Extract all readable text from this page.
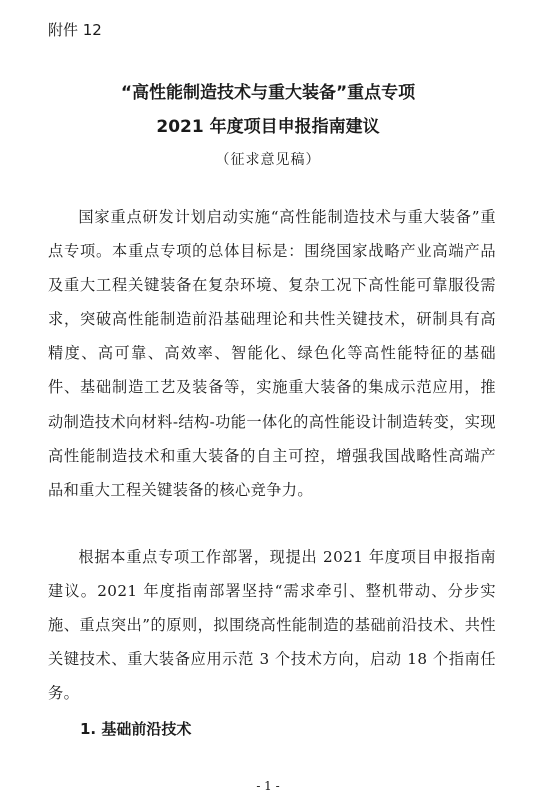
附件 12
“高性能制造技术与重大装备”重点专项
2021 年度项目申报指南建议
（征求意见稿）

国家重点研发计划启动实施“高性能制造技术与重大装备”重点专项。本重点专项的总体目标是：围绕国家战略产业高端产品及重大工程关键装备在复杂环境、复杂工况下高性能可靠服役需求，突破高性能制造前沿基础理论和共性关键技术，研制具有高精度、高可靠、高效率、智能化、绿色化等高性能特征的基础件、基础制造工艺及装备等，实施重大装备的集成示范应用，推动制造技术向材料-结构-功能一体化的高性能设计制造转变，实现高性能制造技术和重大装备的自主可控，增强我国战略性高端产品和重大工程关键装备的核心竞争力。

根据本重点专项工作部署，现提出 2021 年度项目申报指南建议。2021 年度指南部署坚持“需求牵引、整机带动、分步实施、重点突出”的原则，拟围绕高性能制造的基础前沿技术、共性关键技术、重大装备应用示范 3 个技术方向，启动 18 个指南任务。

1. 基础前沿技术
- 1 -
